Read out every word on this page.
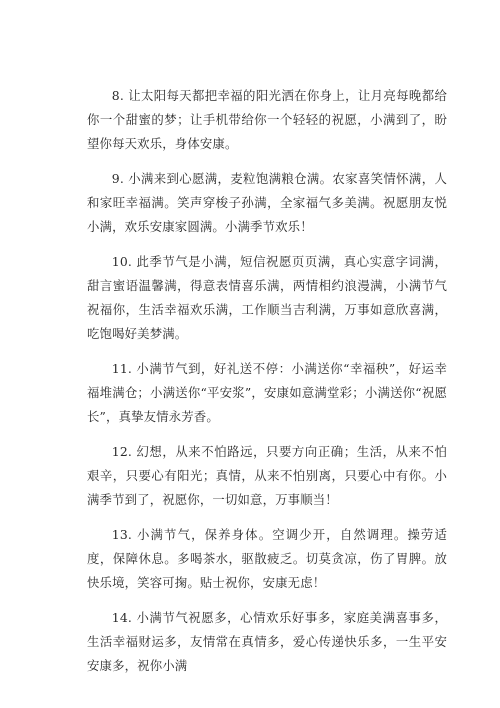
8. 让太阳每天都把幸福的阳光洒在你身上，让月亮每晚都给你一个甜蜜的梦；让手机带给你一个轻轻的祝愿，小满到了，盼望你每天欢乐，身体安康。

9. 小满来到心愿满，麦粒饱满粮仓满。农家喜笑情怀满，人和家旺幸福满。笑声穿梭子孙满，全家福气多美满。祝愿朋友悦小满，欢乐安康家圆满。小满季节欢乐！

10. 此季节气是小满，短信祝愿页页满，真心实意字词满，甜言蜜语温馨满，得意表情喜乐满，两情相约浪漫满，小满节气祝福你，生活幸福欢乐满，工作顺当吉利满，万事如意欣喜满，吃饱喝好美梦满。

11. 小满节气到，好礼送不停：小满送你“幸福秧”，好运幸福堆满仓；小满送你“平安浆”，安康如意满堂彩；小满送你“祝愿长”，真挚友情永芳香。

12. 幻想，从来不怕路远，只要方向正确；生活，从来不怕艰辛，只要心有阳光；真情，从来不怕别离，只要心中有你。小满季节到了，祝愿你，一切如意，万事顺当！

13. 小满节气，保养身体。空调少开，自然调理。操劳适度，保障休息。多喝茶水，驱散疲乏。切莫贪凉，伤了胃脾。放快乐境，笑容可掬。贴士祝你，安康无虑！

14. 小满节气祝愿多，心情欢乐好事多，家庭美满喜事多，生活幸福财运多，友情常在真情多，爱心传递快乐多，一生平安安康多，祝你小满
